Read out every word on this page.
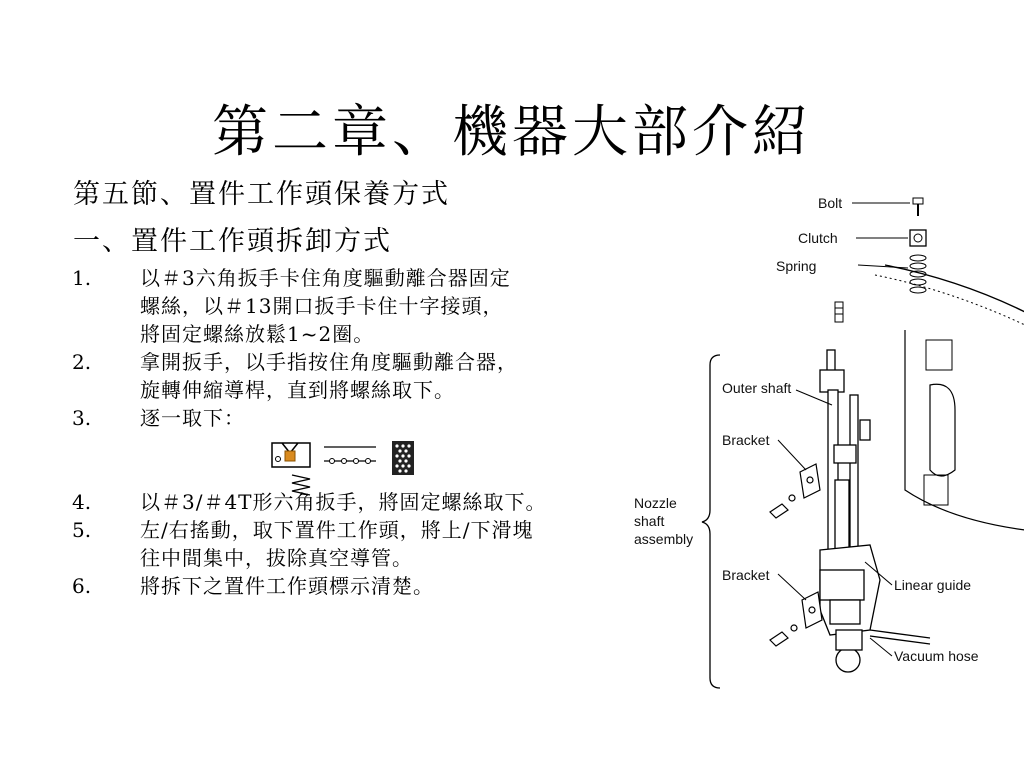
第二章、機器大部介紹
第五節、置件工作頭保養方式
一、置件工作頭拆卸方式
1.	以＃3六角扳手卡住角度驅動離合器固定
螺絲，以＃13開口扳手卡住十字接頭，
將固定螺絲放鬆1~2圈。
2.	拿開扳手，以手指按住角度驅動離合器，
旋轉伸縮導桿，直到將螺絲取下。
3.	逐一取下：
4.	以＃3/＃4T形六角扳手，將固定螺絲取下。
5.	左/右搖動，取下置件工作頭，將上/下滑塊
往中間集中，拔除真空導管。
6.	將拆下之置件工作頭標示清楚。
Bolt
Clutch
Spring
Outer shaft
Bracket
Nozzle
shaft
assembly
Bracket
Linear guide
Vacuum hose
